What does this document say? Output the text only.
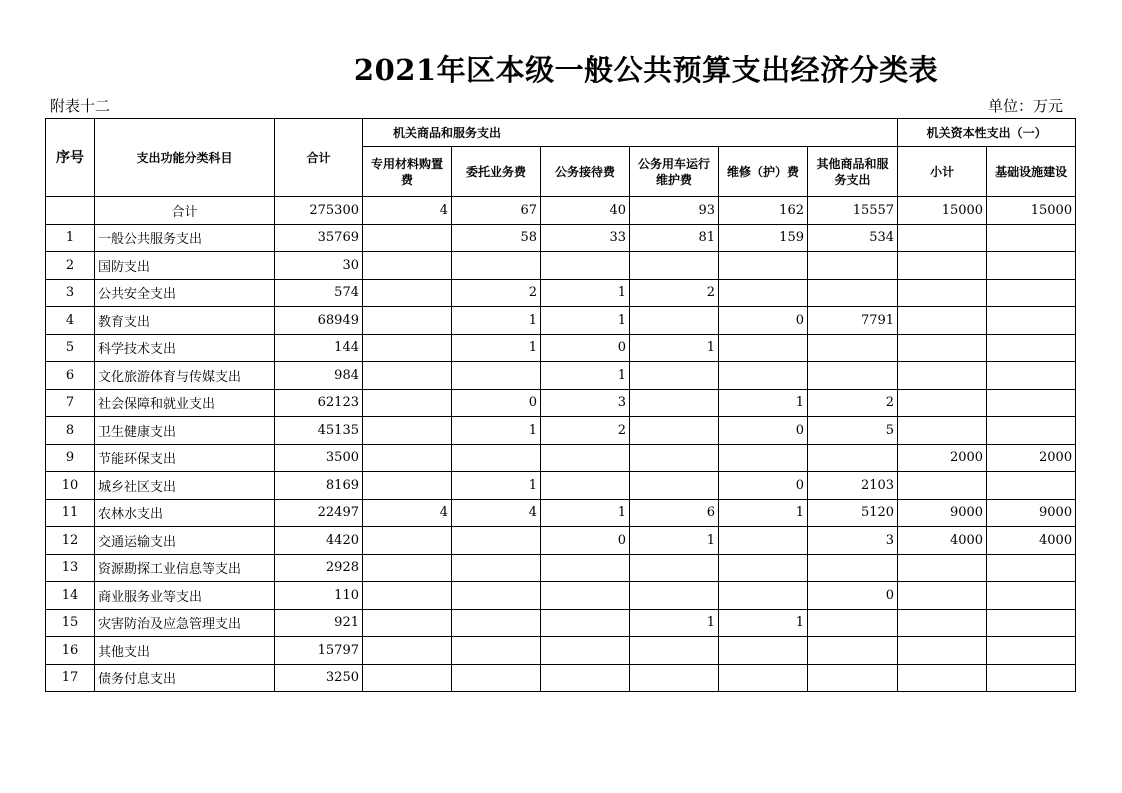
2021年区本级一般公共预算支出经济分类表
附表十二	单位：万元
序号	支出功能分类科目	合计	机关商品和服务支出						机关资本性支出（一）	
			专用材料购置费	委托业务费	公务接待费	公务用车运行维护费	维修（护）费	其他商品和服务支出	小计	基础设施建设
	合计	275300	4	67	40	93	162	15557	15000	15000
1	一般公共服务支出	35769		58	33	81	159	534		
2	国防支出	30								
3	公共安全支出	574		2	1	2				
4	教育支出	68949		1	1		0	7791		
5	科学技术支出	144		1	0	1				
6	文化旅游体育与传媒支出	984			1					
7	社会保障和就业支出	62123		0	3		1	2		
8	卫生健康支出	45135		1	2		0	5		
9	节能环保支出	3500							2000	2000
10	城乡社区支出	8169		1			0	2103		
11	农林水支出	22497	4	4	1	6	1	5120	9000	9000
12	交通运输支出	4420			0	1		3	4000	4000
13	资源勘探工业信息等支出	2928								
14	商业服务业等支出	110						0		
15	灾害防治及应急管理支出	921				1	1			
16	其他支出	15797								
17	债务付息支出	3250								
